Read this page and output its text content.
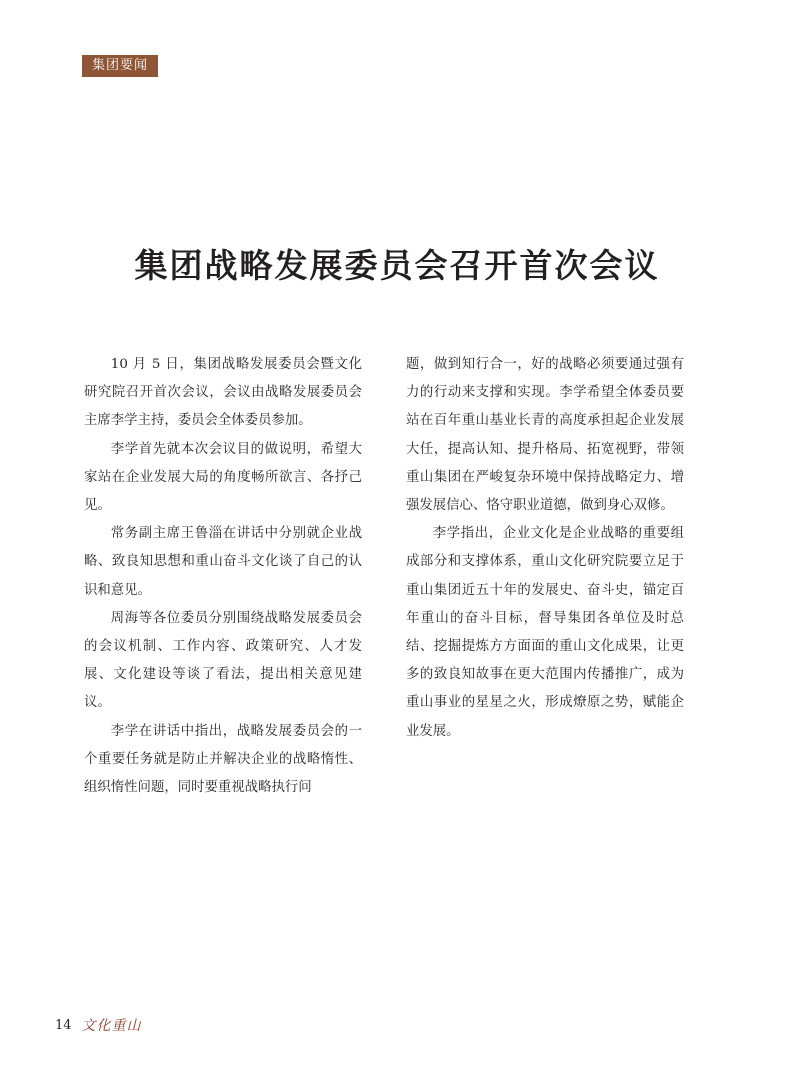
集团要闻
集团战略发展委员会召开首次会议

10 月 5 日，集团战略发展委员会暨文化研究院召开首次会议，会议由战略发展委员会主席李学主持，委员会全体委员参加。

李学首先就本次会议目的做说明，希望大家站在企业发展大局的角度畅所欲言、各抒己见。

常务副主席王鲁淄在讲话中分别就企业战略、致良知思想和重山奋斗文化谈了自己的认识和意见。

周海等各位委员分别围绕战略发展委员会的会议机制、工作内容、政策研究、人才发展、文化建设等谈了看法，提出相关意见建议。

李学在讲话中指出，战略发展委员会的一个重要任务就是防止并解决企业的战略惰性、组织惰性问题，同时要重视战略执行问

题，做到知行合一，好的战略必须要通过强有力的行动来支撑和实现。李学希望全体委员要站在百年重山基业长青的高度承担起企业发展大任，提高认知、提升格局、拓宽视野，带领重山集团在严峻复杂环境中保持战略定力、增强发展信心、恪守职业道德，做到身心双修。

李学指出，企业文化是企业战略的重要组成部分和支撑体系，重山文化研究院要立足于重山集团近五十年的发展史、奋斗史，锚定百年重山的奋斗目标，督导集团各单位及时总结、挖掘提炼方方面面的重山文化成果，让更多的致良知故事在更大范围内传播推广，成为重山事业的星星之火，形成燎原之势，赋能企业发展。

14 文化重山
